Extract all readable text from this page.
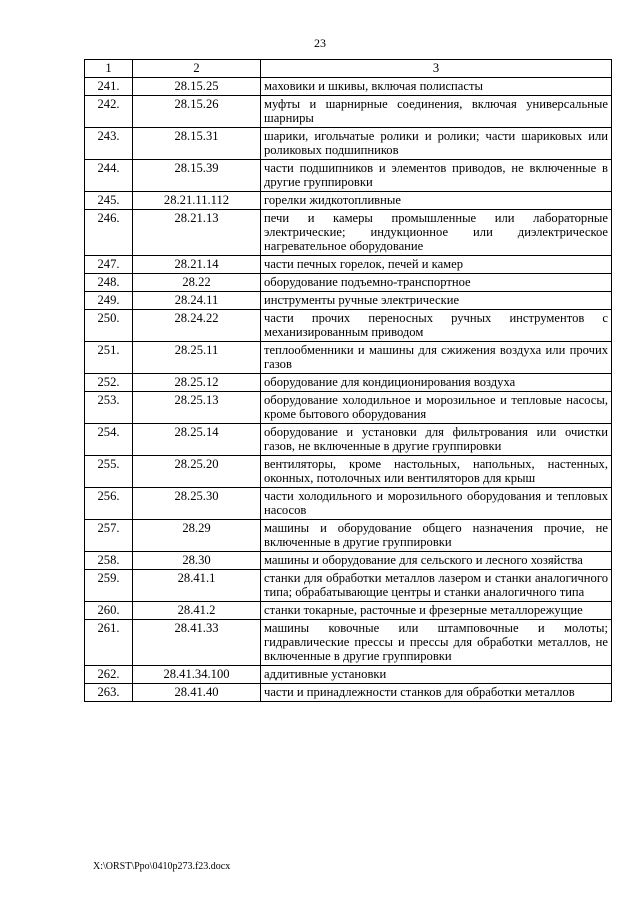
23
1	2	3
241.	28.15.25	маховики и шкивы, включая полиспасты
242.	28.15.26	муфты и шарнирные соединения, включая универсальные шарниры
243.	28.15.31	шарики, игольчатые ролики и ролики; части шариковых или роликовых подшипников
244.	28.15.39	части подшипников и элементов приводов, не включенные в другие группировки
245.	28.21.11.112	горелки жидкотопливные
246.	28.21.13	печи и камеры промышленные или лабораторные электрические; индукционное или диэлектрическое нагревательное оборудование
247.	28.21.14	части печных горелок, печей и камер
248.	28.22	оборудование подъемно-транспортное
249.	28.24.11	инструменты ручные электрические
250.	28.24.22	части прочих переносных ручных инструментов с механизированным приводом
251.	28.25.11	теплообменники и машины для сжижения воздуха или прочих газов
252.	28.25.12	оборудование для кондиционирования воздуха
253.	28.25.13	оборудование холодильное и морозильное и тепловые насосы, кроме бытового оборудования
254.	28.25.14	оборудование и установки для фильтрования или очистки газов, не включенные в другие группировки
255.	28.25.20	вентиляторы, кроме настольных, напольных, настенных, оконных, потолочных или вентиляторов для крыш
256.	28.25.30	части холодильного и морозильного оборудования и тепловых насосов
257.	28.29	машины и оборудование общего назначения прочие, не включенные в другие группировки
258.	28.30	машины и оборудование для сельского и лесного хозяйства
259.	28.41.1	станки для обработки металлов лазером и станки аналогичного типа; обрабатывающие центры и станки аналогичного типа
260.	28.41.2	станки токарные, расточные и фрезерные металлорежущие
261.	28.41.33	машины ковочные или штамповочные и молоты; гидравлические прессы и прессы для обработки металлов, не включенные в другие группировки
262.	28.41.34.100	аддитивные установки
263.	28.41.40	части и принадлежности станков для обработки металлов
X:\ORST\Ppo\0410p273.f23.docx
